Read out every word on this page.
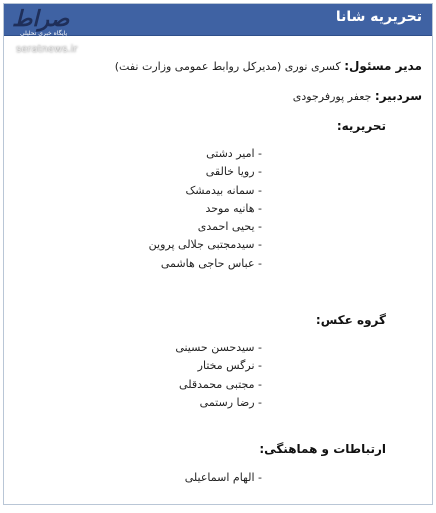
تحریریه شانا
صراط
پایگاه خبری تحلیلی
seratnews.ir
مدیر مسئول: کسری نوری (مدیرکل روابط عمومی وزارت نفت)
سردبیر: جعفر پورفرجودی
تحریریه:
- امیر دشتی
- رویا خالقی
- سمانه بیدمشک
- هانیه موحد
- یحیی احمدی
- سیدمجتبی جلالی پروین
- عباس حاجی هاشمی
گروه عکس:
- سیدحسن حسینی
- نرگس مختار
- مجتبی محمدقلی
- رضا رستمی
ارتباطات و هماهنگی:
- الهام اسماعیلی
